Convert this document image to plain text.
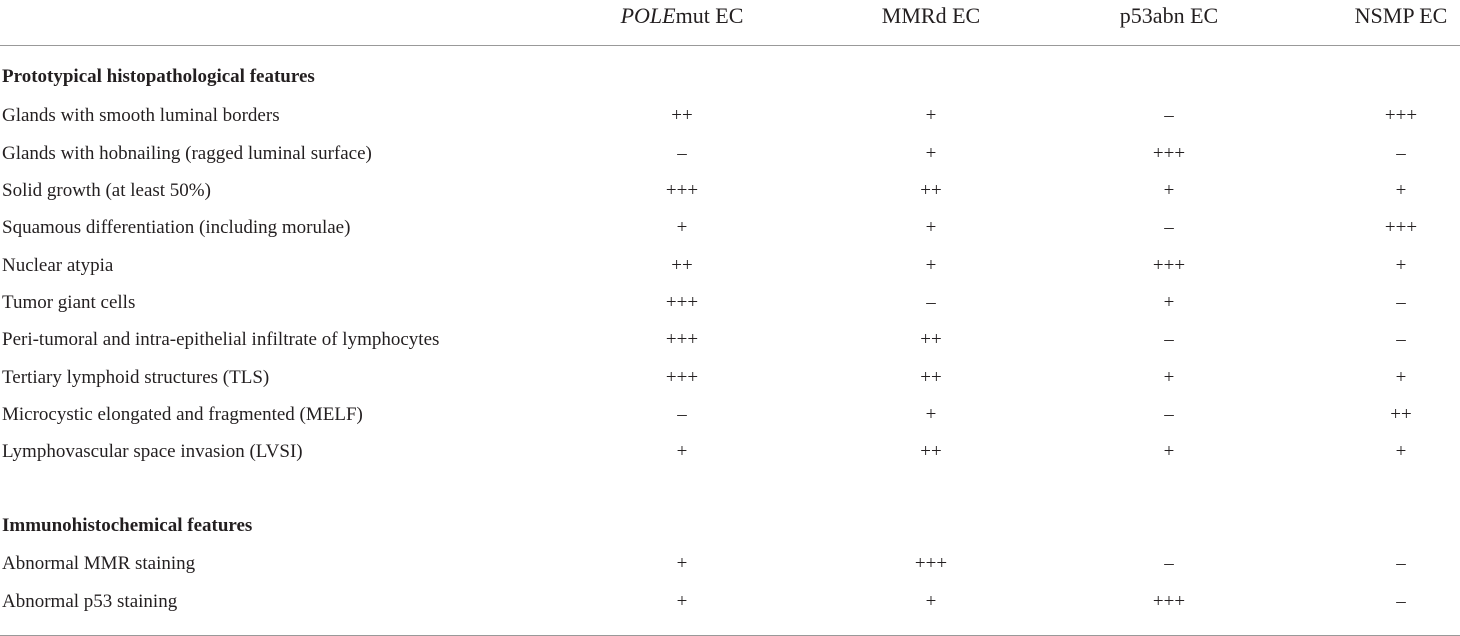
POLEmut EC	MMRd EC	p53abn EC	NSMP EC
Prototypical histopathological features
Glands with smooth luminal borders	++	+	–	+++
Glands with hobnailing (ragged luminal surface)	–	+	+++	–
Solid growth (at least 50%)	+++	++	+	+
Squamous differentiation (including morulae)	+	+	–	+++
Nuclear atypia	++	+	+++	+
Tumor giant cells	+++	–	+	–
Peri-tumoral and intra-epithelial infiltrate of lymphocytes	+++	++	–	–
Tertiary lymphoid structures (TLS)	+++	++	+	+
Microcystic elongated and fragmented (MELF)	–	+	–	++
Lymphovascular space invasion (LVSI)	+	++	+	+
Abnormal MMR staining	+	+++	–	–
Abnormal p53 staining	+	+	+++	–
Immunohistochemical features
